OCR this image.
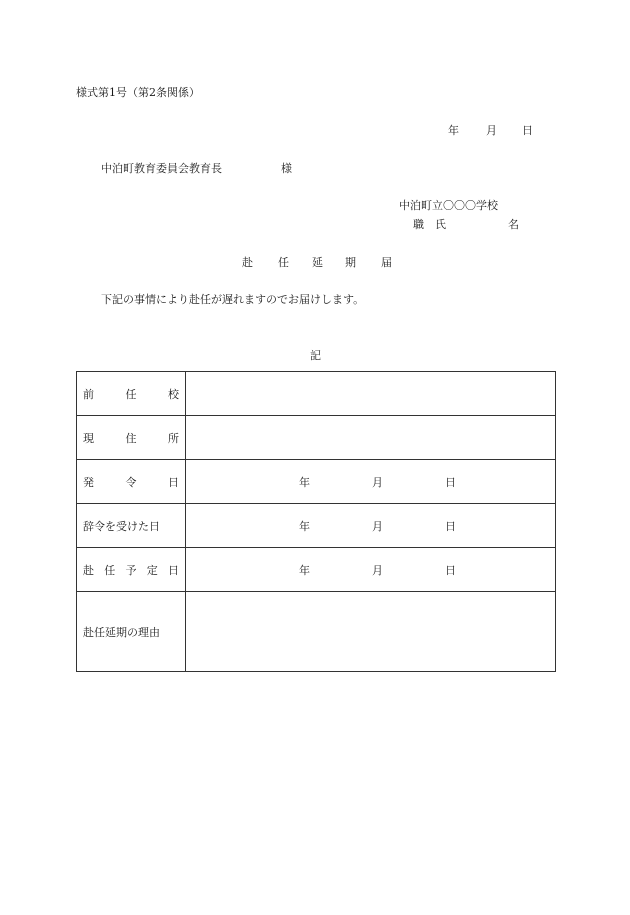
様式第1号（第2条関係）
年 月 日
中泊町教育委員会教育長	様
中泊町立〇〇〇学校
職 氏	名
赴 任 延 期 届
下記の事情により赴任が遅れますのでお届けします。
記
前 任 校	

現 住 所	

発 令 日	年 月 日

辞令を受けた日	年 月 日

赴 任 予 定 日	年 月 日

赴任延期の理由	
